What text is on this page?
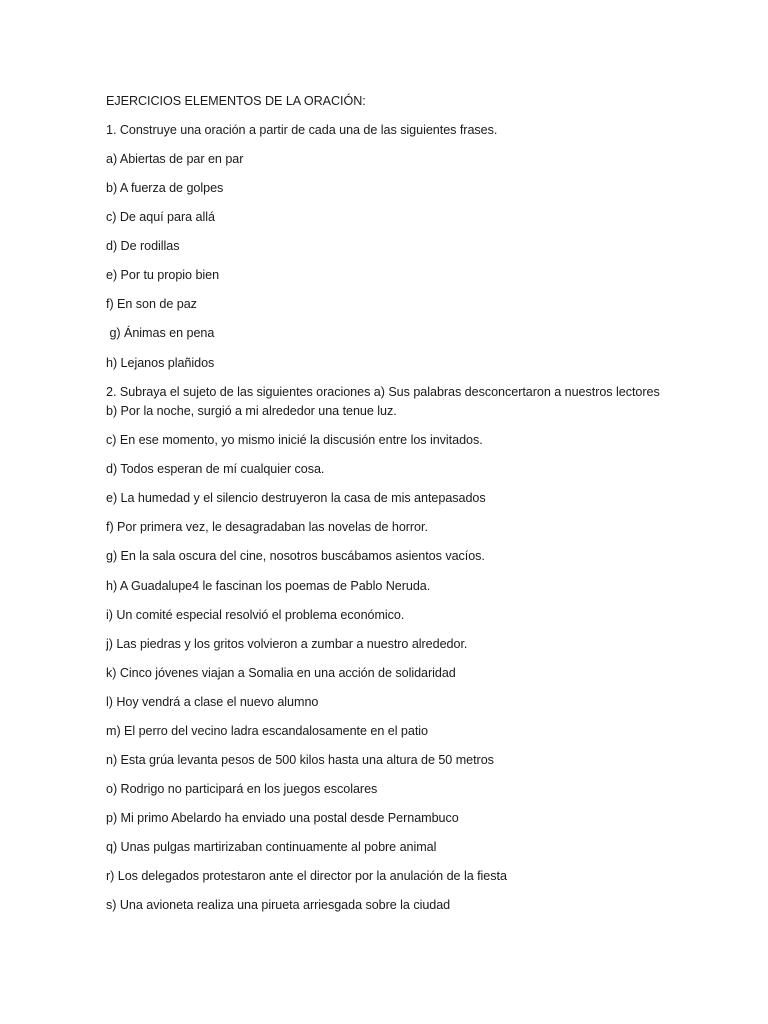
EJERCICIOS ELEMENTOS DE LA ORACIÓN:
1. Construye una oración a partir de cada una de las siguientes frases.
a) Abiertas de par en par
b) A fuerza de golpes
c) De aquí para allá
d) De rodillas
e) Por tu propio bien
f) En son de paz
g) Ánimas en pena
h) Lejanos plañidos
2. Subraya el sujeto de las siguientes oraciones a) Sus palabras desconcertaron a nuestros lectores
b) Por la noche, surgió a mi alrededor una tenue luz.
c) En ese momento, yo mismo inicié la discusión entre los invitados.
d) Todos esperan de mí cualquier cosa.
e) La humedad y el silencio destruyeron la casa de mis antepasados
f) Por primera vez, le desagradaban las novelas de horror.
g) En la sala oscura del cine, nosotros buscábamos asientos vacíos.
h) A Guadalupe4 le fascinan los poemas de Pablo Neruda.
i) Un comité especial resolvió el problema económico.
j) Las piedras y los gritos volvieron a zumbar a nuestro alrededor.
k) Cinco jóvenes viajan a Somalia en una acción de solidaridad
l) Hoy vendrá a clase el nuevo alumno
m) El perro del vecino ladra escandalosamente en el patio
n) Esta grúa levanta pesos de 500 kilos hasta una altura de 50 metros
o) Rodrigo no participará en los juegos escolares
p) Mi primo Abelardo ha enviado una postal desde Pernambuco
q) Unas pulgas martirizaban continuamente al pobre animal
r) Los delegados protestaron ante el director por la anulación de la fiesta
s) Una avioneta realiza una pirueta arriesgada sobre la ciudad
